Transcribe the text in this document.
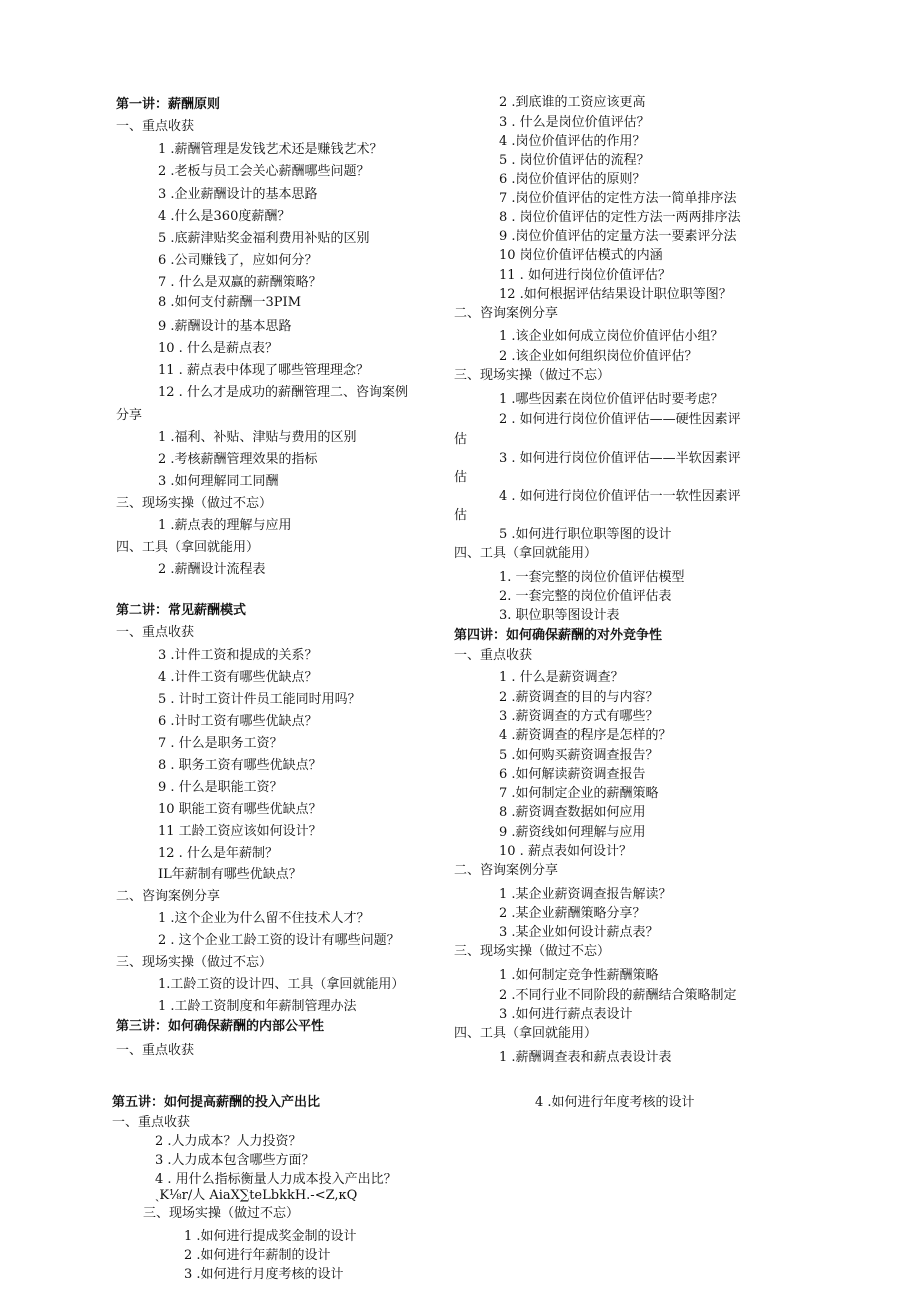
第一讲：薪酬原则
一、重点收获
1 .薪酬管理是发钱艺术还是赚钱艺术？
2 .老板与员工会关心薪酬哪些问题？
3 .企业薪酬设计的基本思路
4 .什么是360度薪酬？
5 .底薪津贴奖金福利费用补贴的区别
6 .公司赚钱了，应如何分？
7 . 什么是双赢的薪酬策略？
8 .如何支付薪酬一3PIM
9 .薪酬设计的基本思路
10 . 什么是薪点表？
11 . 薪点表中体现了哪些管理理念？
12 . 什么才是成功的薪酬管理二、咨询案例
分享
1 .福利、补贴、津贴与费用的区别
2 .考核薪酬管理效果的指标
3 .如何理解同工同酬
三、现场实操（做过不忘）
1 .薪点表的理解与应用
四、工具（拿回就能用）
2 .薪酬设计流程表
第二讲：常见薪酬模式
一、重点收获
3 .计件工资和提成的关系？
4 .计件工资有哪些优缺点？
5 . 计时工资计件员工能同时用吗？
6 .计时工资有哪些优缺点？
7 . 什么是职务工资？
8 . 职务工资有哪些优缺点？
9 . 什么是职能工资？
10 职能工资有哪些优缺点？
11 工龄工资应该如何设计？
12 . 什么是年薪制？
IL年薪制有哪些优缺点？
二、咨询案例分享
1 .这个企业为什么留不住技术人才？
2 . 这个企业工龄工资的设计有哪些问题？
三、现场实操（做过不忘）
1.工龄工资的设计四、工具（拿回就能用）
1 .工龄工资制度和年薪制管理办法
第三讲：如何确保薪酬的内部公平性
一、重点收获
2 .到底谁的工资应该更高
3 . 什么是岗位价值评估？
4 .岗位价值评估的作用？
5 . 岗位价值评估的流程？
6 .岗位价值评估的原则？
7 .岗位价值评估的定性方法一简单排序法
8 . 岗位价值评估的定性方法一两两排序法
9 .岗位价值评估的定量方法一要素评分法
10 岗位价值评估模式的内涵
11 . 如何进行岗位价值评估？
12 .如何根据评估结果设计职位职等图？
二、咨询案例分享
1 .该企业如何成立岗位价值评估小组？
2 .该企业如何组织岗位价值评估？
三、现场实操（做过不忘）
1 .哪些因素在岗位价值评估时要考虑？
2 . 如何进行岗位价值评估——硬性因素评
估
3 . 如何进行岗位价值评估——半软因素评
估
4 . 如何进行岗位价值评估一一软性因素评
估
5 .如何进行职位职等图的设计
四、工具（拿回就能用）
1. 一套完整的岗位价值评估模型
2. 一套完整的岗位价值评估表
3. 职位职等图设计表
第四讲：如何确保薪酬的对外竞争性
一、重点收获
1 . 什么是薪资调查？
2 .薪资调查的目的与内容？
3 .薪资调查的方式有哪些？
4 .薪资调查的程序是怎样的？
5 .如何购买薪资调查报告？
6 .如何解读薪资调查报告
7 .如何制定企业的薪酬策略
8 .薪资调查数据如何应用
9 .薪资线如何理解与应用
10 . 薪点表如何设计？
二、咨询案例分享
1 .某企业薪资调查报告解读？
2 .某企业薪酬策略分享？
3 .某企业如何设计薪点表？
三、现场实操（做过不忘）
1 .如何制定竞争性薪酬策略
2 .不同行业不同阶段的薪酬结合策略制定
3 .如何进行薪点表设计
四、工具（拿回就能用）
1 .薪酬调查表和薪点表设计表
第五讲：如何提高薪酬的投入产出比
一、重点收获
2 .人力成本？人力投资？
3 .人力成本包含哪些方面？
4 . 用什么指标衡量人力成本投入产出比？
ˏK⅛r∕人 AiaX∑teLbkkH.-<Z,κQ
三、现场实操（做过不忘）
1 .如何进行提成奖金制的设计
2 .如何进行年薪制的设计
3 .如何进行月度考核的设计
4 .如何进行年度考核的设计
